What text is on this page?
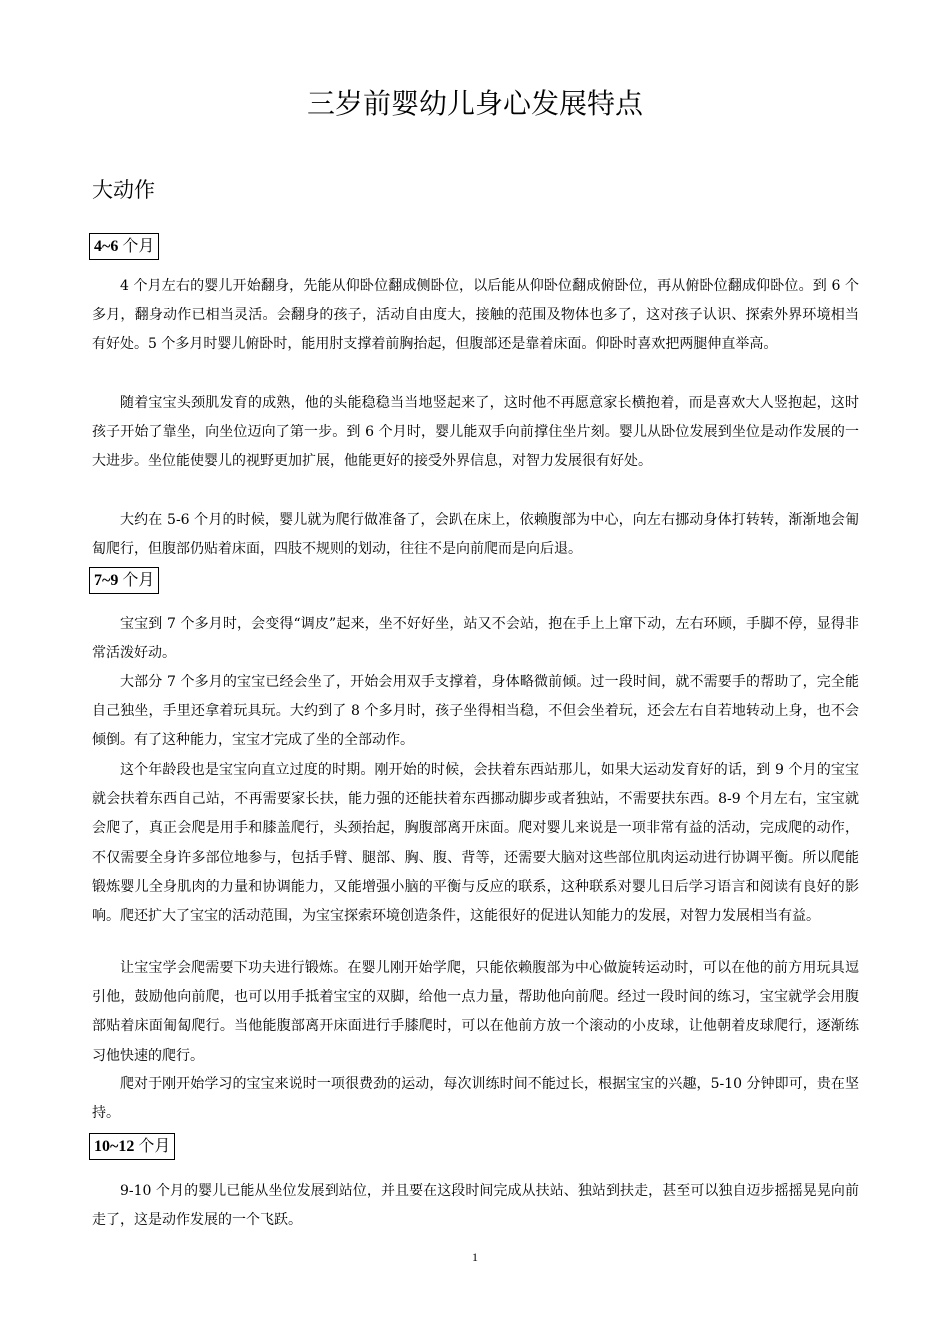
三岁前婴幼儿身心发展特点
大动作
4~6 个月

4 个月左右的婴儿开始翻身，先能从仰卧位翻成侧卧位，以后能从仰卧位翻成俯卧位，再从俯卧位翻成仰卧位。到 6 个多月，翻身动作已相当灵活。会翻身的孩子，活动自由度大，接触的范围及物体也多了，这对孩子认识、探索外界环境相当有好处。5 个多月时婴儿俯卧时，能用肘支撑着前胸抬起，但腹部还是靠着床面。仰卧时喜欢把两腿伸直举高。

随着宝宝头颈肌发育的成熟，他的头能稳稳当当地竖起来了，这时他不再愿意家长横抱着，而是喜欢大人竖抱起，这时孩子开始了靠坐，向坐位迈向了第一步。到 6 个月时，婴儿能双手向前撑住坐片刻。婴儿从卧位发展到坐位是动作发展的一大进步。坐位能使婴儿的视野更加扩展，他能更好的接受外界信息，对智力发展很有好处。

大约在 5-6 个月的时候，婴儿就为爬行做准备了，会趴在床上，依赖腹部为中心，向左右挪动身体打转转，渐渐地会匍匐爬行，但腹部仍贴着床面，四肢不规则的划动，往往不是向前爬而是向后退。

7~9 个月

宝宝到 7 个多月时，会变得“调皮”起来，坐不好好坐，站又不会站，抱在手上上窜下动，左右环顾，手脚不停，显得非常活泼好动。

大部分 7 个多月的宝宝已经会坐了，开始会用双手支撑着，身体略微前倾。过一段时间，就不需要手的帮助了，完全能自己独坐，手里还拿着玩具玩。大约到了 8 个多月时，孩子坐得相当稳，不但会坐着玩，还会左右自若地转动上身，也不会倾倒。有了这种能力，宝宝才完成了坐的全部动作。

这个年龄段也是宝宝向直立过度的时期。刚开始的时候，会扶着东西站那儿，如果大运动发育好的话，到 9 个月的宝宝就会扶着东西自己站，不再需要家长扶，能力强的还能扶着东西挪动脚步或者独站，不需要扶东西。8-9 个月左右，宝宝就会爬了，真正会爬是用手和膝盖爬行，头颈抬起，胸腹部离开床面。爬对婴儿来说是一项非常有益的活动，完成爬的动作，不仅需要全身许多部位地参与，包括手臂、腿部、胸、腹、背等，还需要大脑对这些部位肌肉运动进行协调平衡。所以爬能锻炼婴儿全身肌肉的力量和协调能力，又能增强小脑的平衡与反应的联系，这种联系对婴儿日后学习语言和阅读有良好的影响。爬还扩大了宝宝的活动范围，为宝宝探索环境创造条件，这能很好的促进认知能力的发展，对智力发展相当有益。

让宝宝学会爬需要下功夫进行锻炼。在婴儿刚开始学爬，只能依赖腹部为中心做旋转运动时，可以在他的前方用玩具逗引他，鼓励他向前爬，也可以用手抵着宝宝的双脚，给他一点力量，帮助他向前爬。经过一段时间的练习，宝宝就学会用腹部贴着床面匍匐爬行。当他能腹部离开床面进行手膝爬时，可以在他前方放一个滚动的小皮球，让他朝着皮球爬行，逐渐练习他快速的爬行。

爬对于刚开始学习的宝宝来说时一项很费劲的运动，每次训练时间不能过长，根据宝宝的兴趣，5-10 分钟即可，贵在坚持。

10~12 个月

9-10 个月的婴儿已能从坐位发展到站位，并且要在这段时间完成从扶站、独站到扶走，甚至可以独自迈步摇摇晃晃向前走了，这是动作发展的一个飞跃。

1
